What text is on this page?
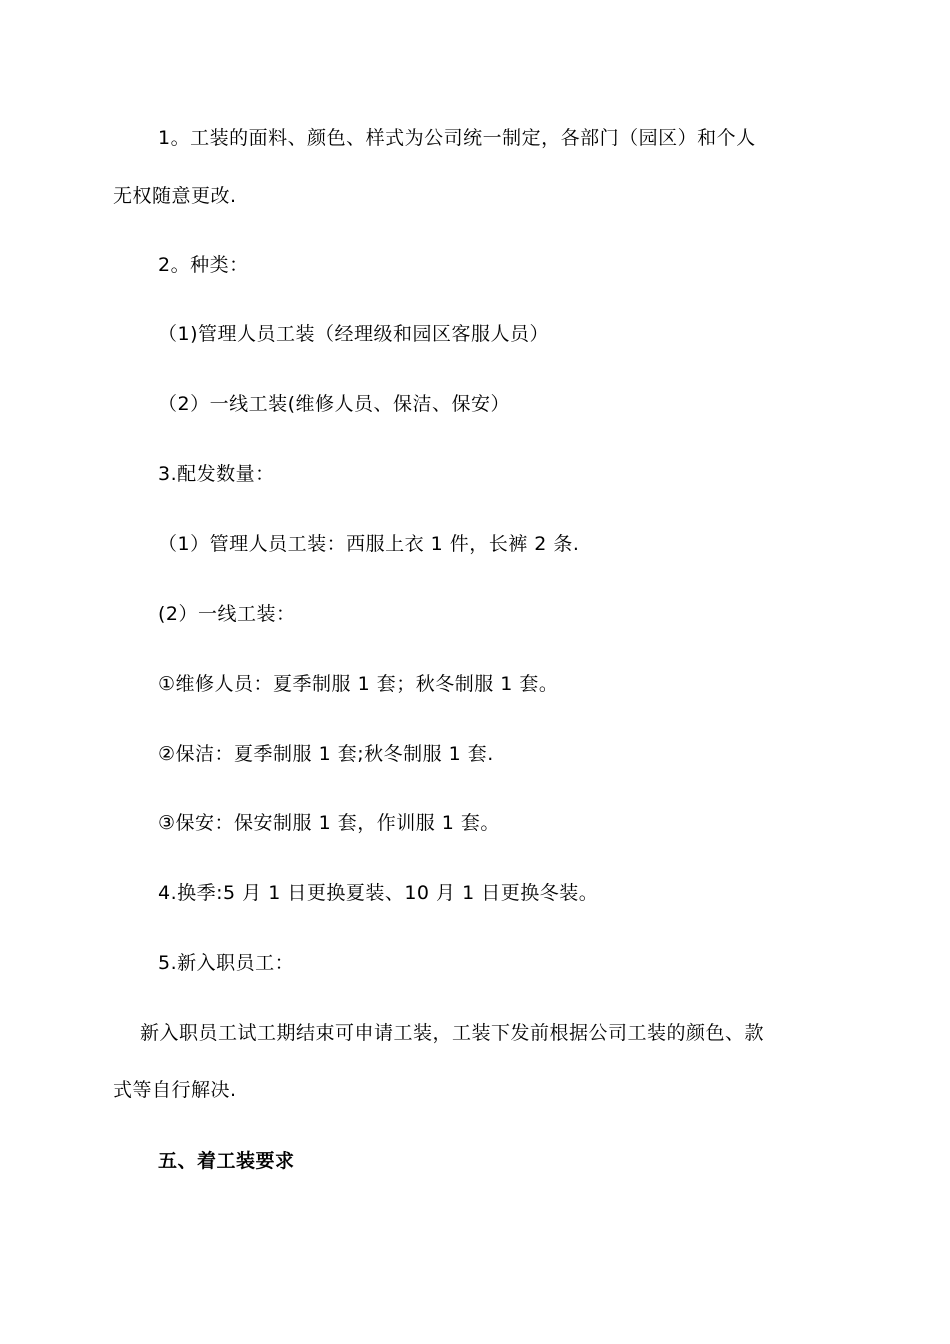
1。工装的面料、颜色、样式为公司统一制定，各部门（园区）和个人
无权随意更改.
2。种类：
（1)管理人员工装（经理级和园区客服人员）
（2）一线工装(维修人员、保洁、保安）
3.配发数量：
（1）管理人员工装：西服上衣 1 件，长裤 2 条.
(2）一线工装：
①维修人员：夏季制服 1 套；秋冬制服 1 套。
②保洁：夏季制服 1 套;秋冬制服 1 套.
③保安：保安制服 1 套，作训服 1 套。
4.换季:5 月 1 日更换夏装、10 月 1 日更换冬装。
5.新入职员工：
新入职员工试工期结束可申请工装，工装下发前根据公司工装的颜色、款
式等自行解决.
五、着工装要求
